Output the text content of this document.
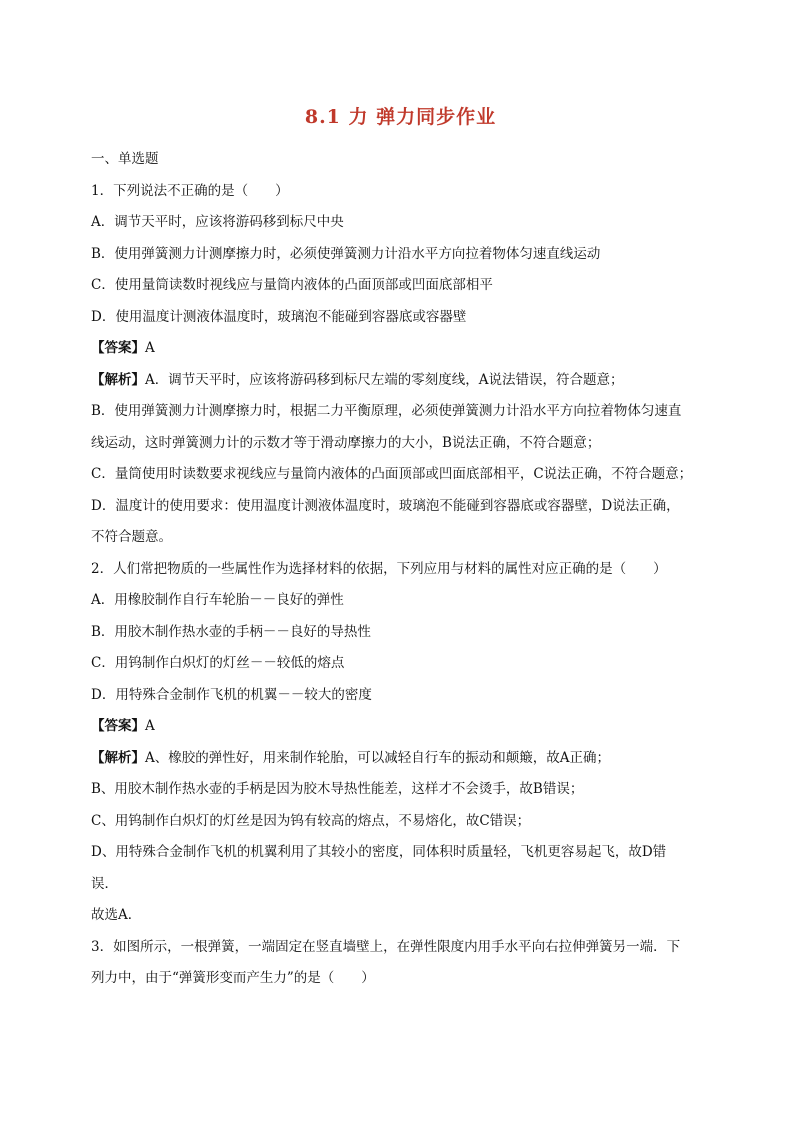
8.1 力 弹力同步作业
一、单选题
1．下列说法不正确的是（　　）
A．调节天平时，应该将游码移到标尺中央
B．使用弹簧测力计测摩擦力时，必须使弹簧测力计沿水平方向拉着物体匀速直线运动
C．使用量筒读数时视线应与量筒内液体的凸面顶部或凹面底部相平
D．使用温度计测液体温度时，玻璃泡不能碰到容器底或容器壁
【答案】A
【解析】A．调节天平时，应该将游码移到标尺左端的零刻度线，A说法错误，符合题意；
B．使用弹簧测力计测摩擦力时，根据二力平衡原理，必须使弹簧测力计沿水平方向拉着物体匀速直
线运动，这时弹簧测力计的示数才等于滑动摩擦力的大小，B说法正确，不符合题意；
C．量筒使用时读数要求视线应与量筒内液体的凸面顶部或凹面底部相平，C说法正确，不符合题意；
D．温度计的使用要求：使用温度计测液体温度时，玻璃泡不能碰到容器底或容器壁，D说法正确，
不符合题意。
2．人们常把物质的一些属性作为选择材料的依据，下列应用与材料的属性对应正确的是（　　）
A．用橡胶制作自行车轮胎－－良好的弹性
B．用胶木制作热水壶的手柄－－良好的导热性
C．用钨制作白炽灯的灯丝－－较低的熔点
D．用特殊合金制作飞机的机翼－－较大的密度
【答案】A
【解析】A、橡胶的弹性好，用来制作轮胎，可以减轻自行车的振动和颠簸，故A正确；
B、用胶木制作热水壶的手柄是因为胶木导热性能差，这样才不会烫手，故B错误；
C、用钨制作白炽灯的灯丝是因为钨有较高的熔点，不易熔化，故C错误；
D、用特殊合金制作飞机的机翼利用了其较小的密度，同体积时质量轻，飞机更容易起飞，故D错
误．
故选A．
3．如图所示，一根弹簧，一端固定在竖直墙壁上，在弹性限度内用手水平向右拉伸弹簧另一端．下
列力中，由于“弹簧形变而产生力”的是（　　）
